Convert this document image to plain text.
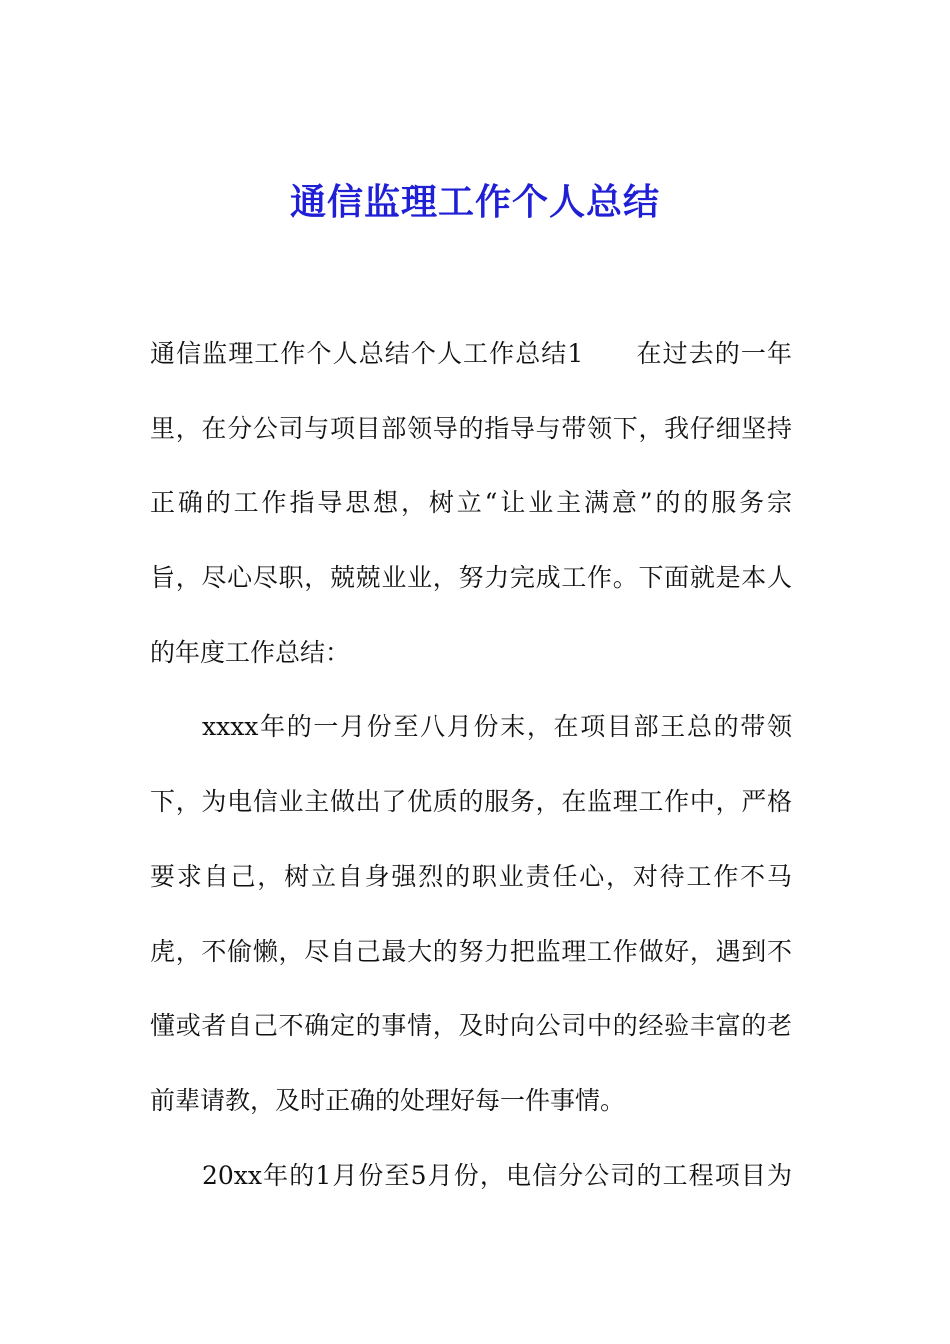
通信监理工作个人总结
通信监理工作个人总结个人工作总结1　　在过去的一年
里，在分公司与项目部领导的指导与带领下，我仔细坚持
正确的工作指导思想，树立“让业主满意”的的服务宗
旨，尽心尽职，兢兢业业，努力完成工作。下面就是本人
的年度工作总结：
xxxx年的一月份至八月份末，在项目部王总的带领
下，为电信业主做出了优质的服务，在监理工作中，严格
要求自己，树立自身强烈的职业责任心，对待工作不马
虎，不偷懒，尽自己最大的努力把监理工作做好，遇到不
懂或者自己不确定的事情，及时向公司中的经验丰富的老
前辈请教，及时正确的处理好每一件事情。
20xx年的1月份至5月份，电信分公司的工程项目为
